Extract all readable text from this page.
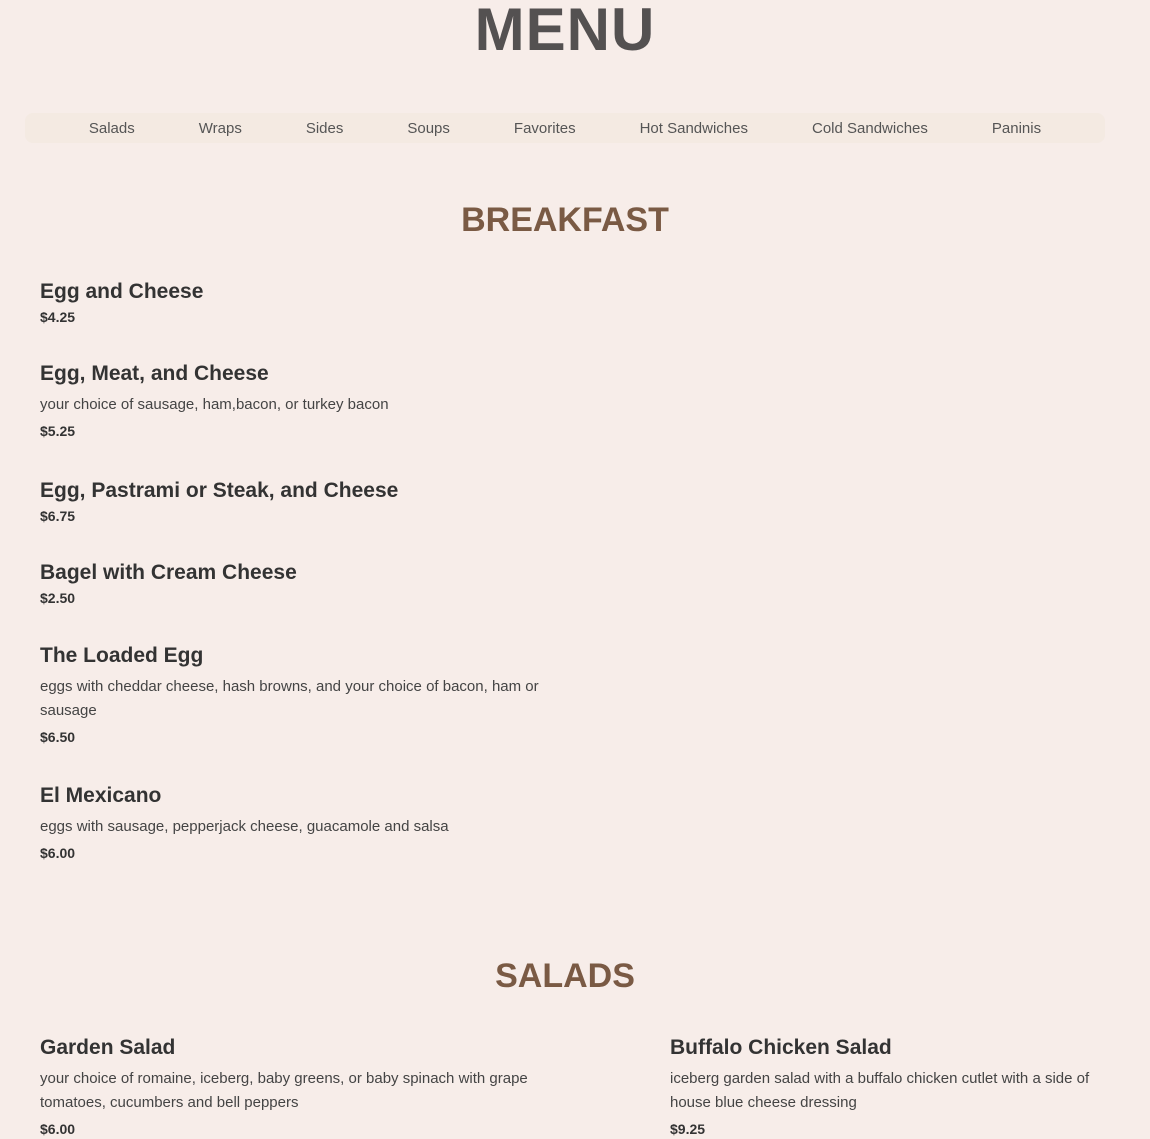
MENU
Salads	Wraps	Sides	Soups	Favorites	Hot Sandwiches	Cold Sandwiches	Paninis
BREAKFAST
Egg and Cheese
$4.25
Egg, Meat, and Cheese
your choice of sausage, ham,bacon, or turkey bacon
$5.25
Egg, Pastrami or Steak, and Cheese
$6.75
Bagel with Cream Cheese
$2.50
The Loaded Egg
eggs with cheddar cheese, hash browns, and your choice of bacon, ham or sausage
$6.50
El Mexicano
eggs with sausage, pepperjack cheese, guacamole and salsa
$6.00
SALADS
Garden Salad
your choice of romaine, iceberg, baby greens, or baby spinach with grape tomatoes, cucumbers and bell peppers
$6.00
Buffalo Chicken Salad
iceberg garden salad with a buffalo chicken cutlet with a side of house blue cheese dressing
$9.25
